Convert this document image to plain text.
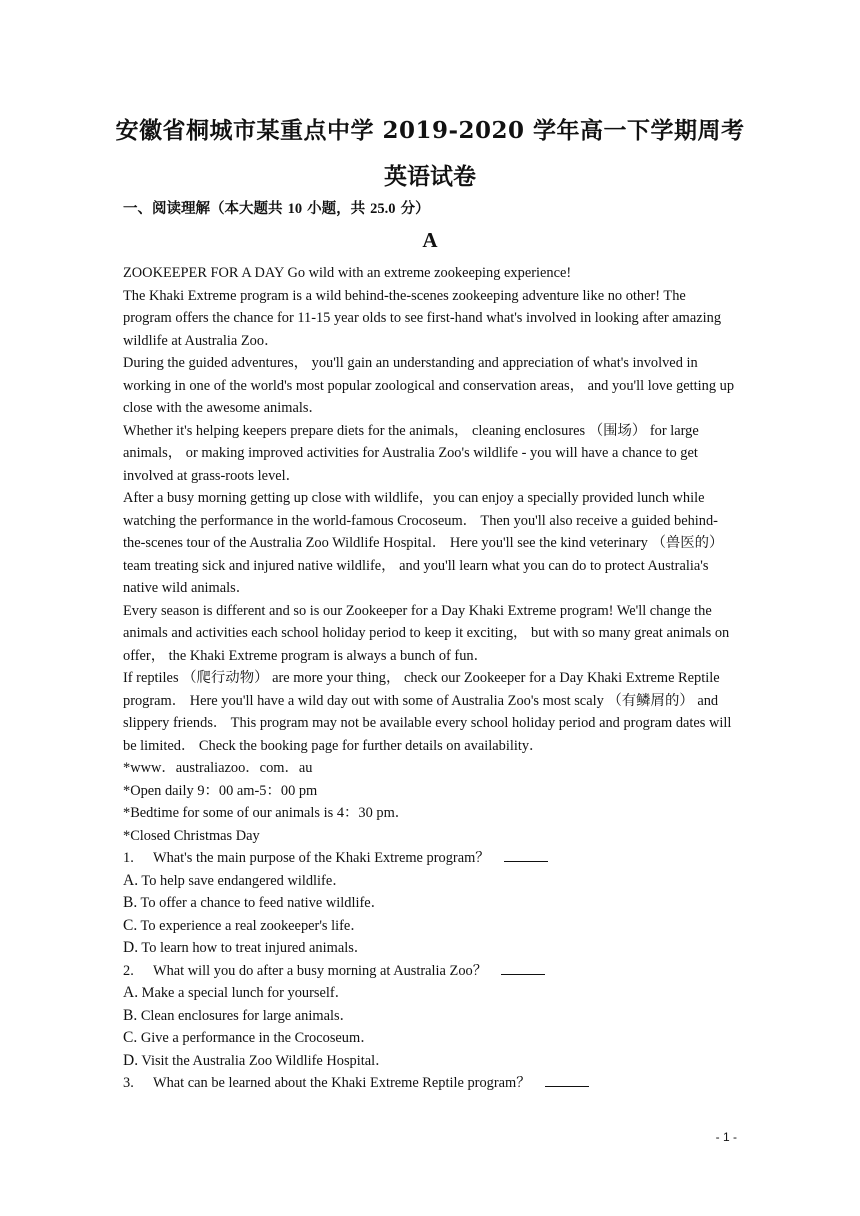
安徽省桐城市某重点中学 2019-2020 学年高一下学期周考
英语试卷
一、阅读理解（本大题共 10 小题，共 25.0 分）
A

ZOOKEEPER FOR A DAY Go wild with an extreme zookeeping experience!

The Khaki Extreme program is a wild behind-the-scenes zookeeping adventure like no other! The program offers the chance for 11-15 year olds to see first-hand what's involved in looking after amazing wildlife at Australia Zoo．

During the guided adventures， you'll gain an understanding and appreciation of what's involved in working in one of the world's most popular zoological and conservation areas， and you'll love getting up close with the awesome animals．

Whether it's helping keepers prepare diets for the animals， cleaning enclosures （围场） for large animals， or making improved activities for Australia Zoo's wildlife - you will have a chance to get involved at grass-roots level．

After a busy morning getting up close with wildlife，you can enjoy a specially provided lunch while watching the performance in the world-famous Crocoseum． Then you'll also receive a guided behind-the-scenes tour of the Australia Zoo Wildlife Hospital． Here you'll see the kind veterinary （兽医的） team treating sick and injured native wildlife， and you'll learn what you can do to protect Australia's native wild animals．

Every season is different and so is our Zookeeper for a Day Khaki Extreme program! We'll change the animals and activities each school holiday period to keep it exciting， but with so many great animals on offer， the Khaki Extreme program is always a bunch of fun．

If reptiles （爬行动物） are more your thing， check our Zookeeper for a Day Khaki Extreme Reptile program． Here you'll have a wild day out with some of Australia Zoo's most scaly （有鳞屑的） and slippery friends． This program may not be available every school holiday period and program dates will be limited． Check the booking page for further details on availability．

*www．australiazoo．com．au

*Open daily 9：00 am-5：00 pm

*Bedtime for some of our animals is 4：30 pm．

*Closed Christmas Day

1.	What's the main purpose of the Khaki Extreme program？

A. To help save endangered wildlife．

B. To offer a chance to feed native wildlife．

C. To experience a real zookeeper's life．

D. To learn how to treat injured animals．

2.	What will you do after a busy morning at Australia Zoo？

A. Make a special lunch for yourself．

B. Clean enclosures for large animals．

C. Give a performance in the Crocoseum．

D. Visit the Australia Zoo Wildlife Hospital．

3.	What can be learned about the Khaki Extreme Reptile program？
- 1 -
